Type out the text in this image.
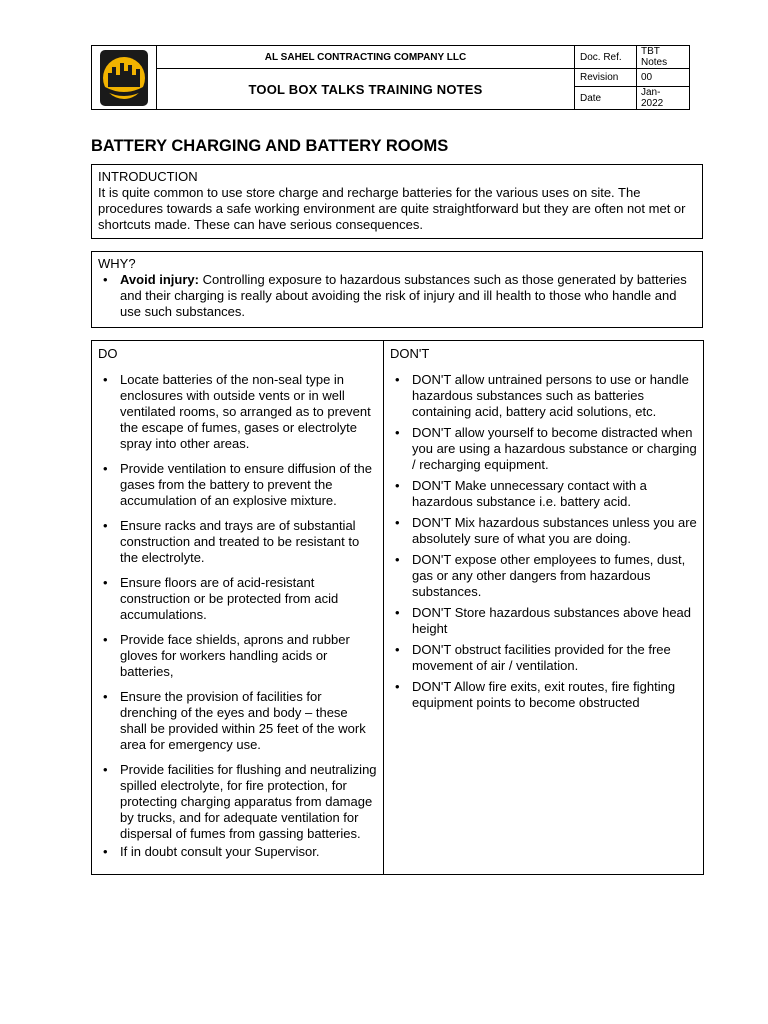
	AL SAHEL CONTRACTING COMPANY LLC	Doc. Ref.	TBT
Notes
	TOOL BOX TALKS TRAINING NOTES	Revision	00
		Date	Jan-
2022
BATTERY CHARGING AND BATTERY ROOMS
INTRODUCTION

It is quite common to use store charge and recharge batteries for the various uses on site. The procedures towards a safe working environment are quite straightforward but they are often not met or shortcuts made. These can have serious consequences.

WHY?
• Avoid injury: Controlling exposure to hazardous substances such as those generated by batteries and their charging is really about avoiding the risk of injury and ill health to those who handle and use such substances.
DO
• Locate batteries of the non-seal type in enclosures with outside vents or in well ventilated rooms, so arranged as to prevent the escape of fumes, gases or electrolyte spray into other areas.
• Provide ventilation to ensure diffusion of the gases from the battery to prevent the accumulation of an explosive mixture.
• Ensure racks and trays are of substantial construction and treated to be resistant to the electrolyte.
• Ensure floors are of acid-resistant construction or be protected from acid accumulations.
• Provide face shields, aprons and rubber gloves for workers handling acids or batteries,
• Ensure the provision of facilities for drenching of the eyes and body – these shall be provided within 25 feet of the work area for emergency use.
• Provide facilities for flushing and neutralizing spilled electrolyte, for fire protection, for protecting charging apparatus from damage by trucks, and for adequate ventilation for dispersal of fumes from gassing batteries.
• If in doubt consult your Supervisor.
DON'T
• DON'T allow untrained persons to use or handle hazardous substances such as batteries containing acid, battery acid solutions, etc.
• DON'T allow yourself to become distracted when you are using a hazardous substance or charging / recharging equipment.
• DON'T Make unnecessary contact with a hazardous substance i.e. battery acid.
• DON'T Mix hazardous substances unless you are absolutely sure of what you are doing.
• DON'T expose other employees to fumes, dust, gas or any other dangers from hazardous substances.
• DON'T Store hazardous substances above head height
• DON'T obstruct facilities provided for the free movement of air / ventilation.
• DON'T Allow fire exits, exit routes, fire fighting equipment points to become obstructed
